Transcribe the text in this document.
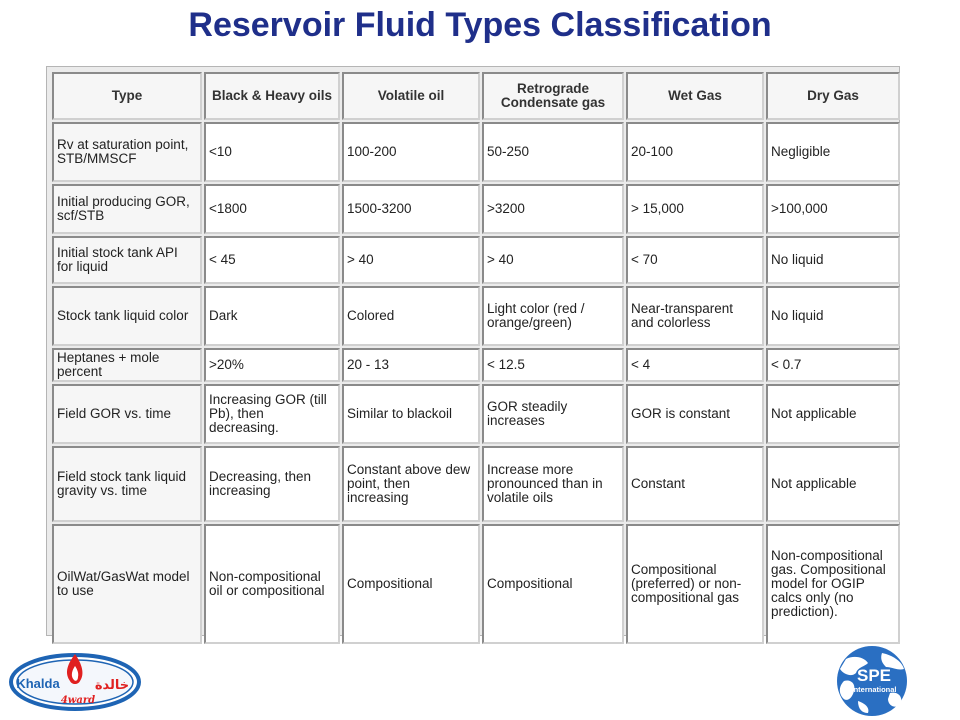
Reservoir Fluid Types Classification
Type	Black & Heavy oils	Volatile oil	Retrograde Condensate gas	Wet Gas	Dry Gas
Rv at saturation point, STB/MMSCF	<10	100-200	50-250	20-100	Negligible
Initial producing GOR, scf/STB	<1800	1500-3200	>3200	> 15,000	>100,000
Initial stock tank API for liquid	< 45	> 40	> 40	< 70	No liquid
Stock tank liquid color	Dark	Colored	Light color (red / orange/green)	Near-transparent and colorless	No liquid
Heptanes + mole percent	>20%	20 - 13	< 12.5	< 4	< 0.7
Field GOR vs. time	Increasing GOR (till Pb), then decreasing.	Similar to blackoil	GOR steadily increases	GOR is constant	Not applicable
Field stock tank liquid gravity vs. time	Decreasing, then increasing	Constant above dew point, then increasing	Increase more pronounced than in volatile oils	Constant	Not applicable
OilWat/GasWat model to use	Non-compositional oil or compositional	Compositional	Compositional	Compositional (preferred) or non-compositional gas	Non-compositional gas. Compositional model for OGIP calcs only (no prediction).
Khalda	خالدة
4ward
SPE
International
